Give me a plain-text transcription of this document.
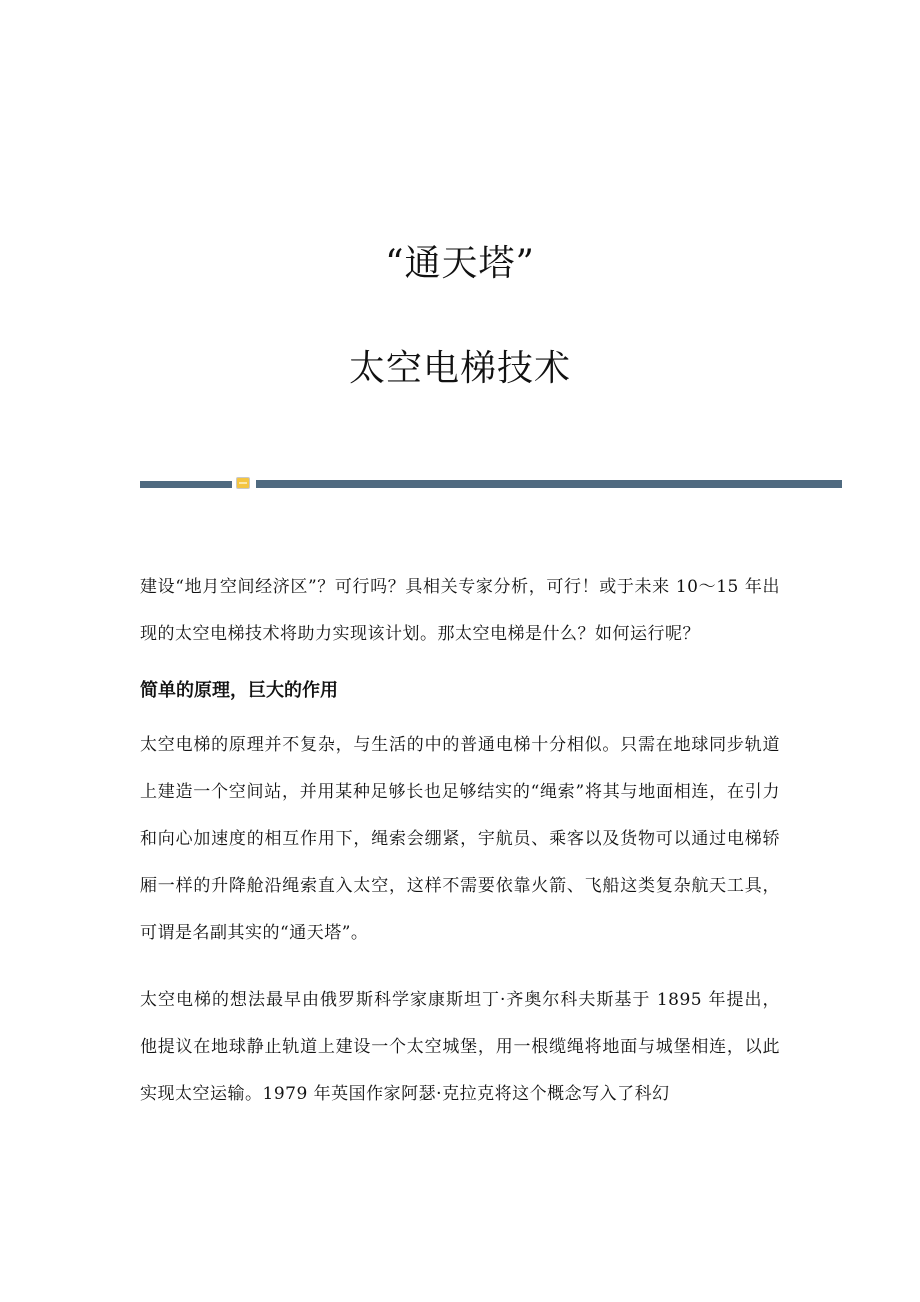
“通天塔”
太空电梯技术

建设“地月空间经济区”？可行吗？具相关专家分析，可行！或于未来 10～15 年出现的太空电梯技术将助力实现该计划。那太空电梯是什么？如何运行呢？

简单的原理，巨大的作用

太空电梯的原理并不复杂，与生活的中的普通电梯十分相似。只需在地球同步轨道上建造一个空间站，并用某种足够长也足够结实的“绳索”将其与地面相连，在引力和向心加速度的相互作用下，绳索会绷紧，宇航员、乘客以及货物可以通过电梯轿厢一样的升降舱沿绳索直入太空，这样不需要依靠火箭、飞船这类复杂航天工具，可谓是名副其实的“通天塔”。

太空电梯的想法最早由俄罗斯科学家康斯坦丁·齐奥尔科夫斯基于 1895 年提出，他提议在地球静止轨道上建设一个太空城堡，用一根缆绳将地面与城堡相连，以此实现太空运输。1979 年英国作家阿瑟·克拉克将这个概念写入了科幻
